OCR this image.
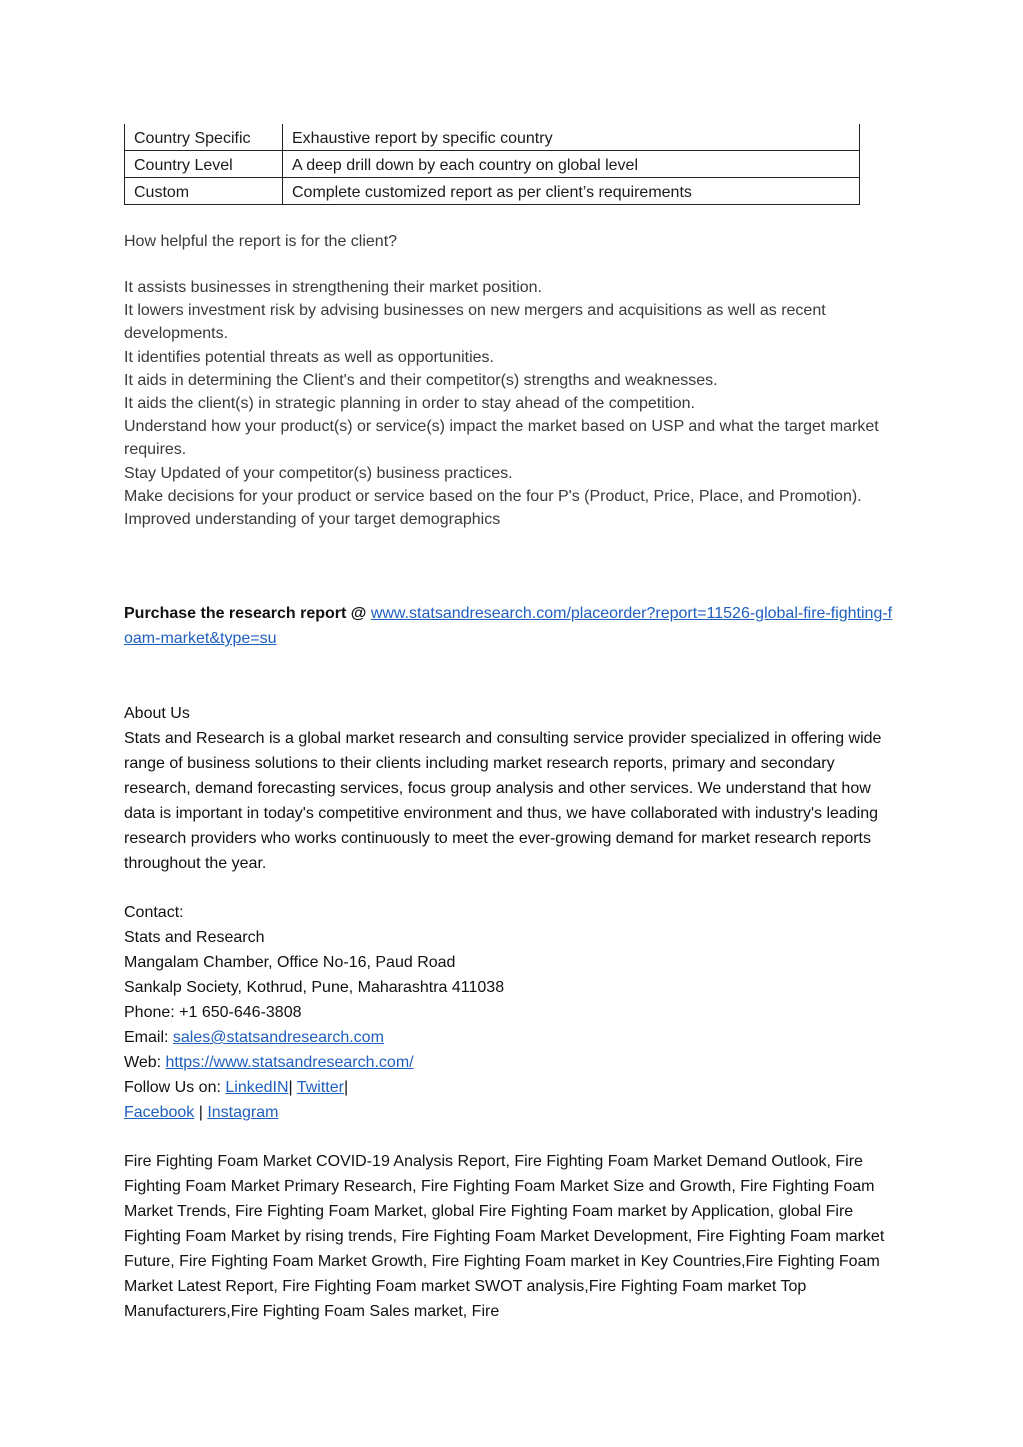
Country Specific	Exhaustive report by specific country
Country Level	A deep drill down by each country on global level
Custom	Complete customized report as per client’s requirements
How helpful the report is for the client?
It assists businesses in strengthening their market position.
It lowers investment risk by advising businesses on new mergers and acquisitions as well as recent developments.
It identifies potential threats as well as opportunities.
It aids in determining the Client's and their competitor(s) strengths and weaknesses.
It aids the client(s) in strategic planning in order to stay ahead of the competition.
Understand how your product(s) or service(s) impact the market based on USP and what the target market requires.
Stay Updated of your competitor(s) business practices.
Make decisions for your product or service based on the four P's (Product, Price, Place, and Promotion).
Improved understanding of your target demographics
Purchase the research report @ www.statsandresearch.com/placeorder?report=11526-global-fire-fighting-foam-market&type=su
About Us
Stats and Research is a global market research and consulting service provider specialized in offering wide range of business solutions to their clients including market research reports, primary and secondary research, demand forecasting services, focus group analysis and other services. We understand that how data is important in today's competitive environment and thus, we have collaborated with industry's leading research providers who works continuously to meet the ever-growing demand for market research reports throughout the year.
Contact:
Stats and Research
Mangalam Chamber, Office No-16, Paud Road
Sankalp Society, Kothrud, Pune, Maharashtra 411038
Phone: +1 650-646-3808
Email: sales@statsandresearch.com
Web: https://www.statsandresearch.com/
Follow Us on: LinkedIN| Twitter|
Facebook | Instagram
Fire Fighting Foam Market COVID-19 Analysis Report, Fire Fighting Foam Market Demand Outlook, Fire Fighting Foam Market Primary Research, Fire Fighting Foam Market Size and Growth, Fire Fighting Foam Market Trends, Fire Fighting Foam Market, global Fire Fighting Foam market by Application, global Fire Fighting Foam Market by rising trends, Fire Fighting Foam Market Development, Fire Fighting Foam market Future, Fire Fighting Foam Market Growth, Fire Fighting Foam market in Key Countries,Fire Fighting Foam Market Latest Report, Fire Fighting Foam market SWOT analysis,Fire Fighting Foam market Top Manufacturers,Fire Fighting Foam Sales market, Fire
